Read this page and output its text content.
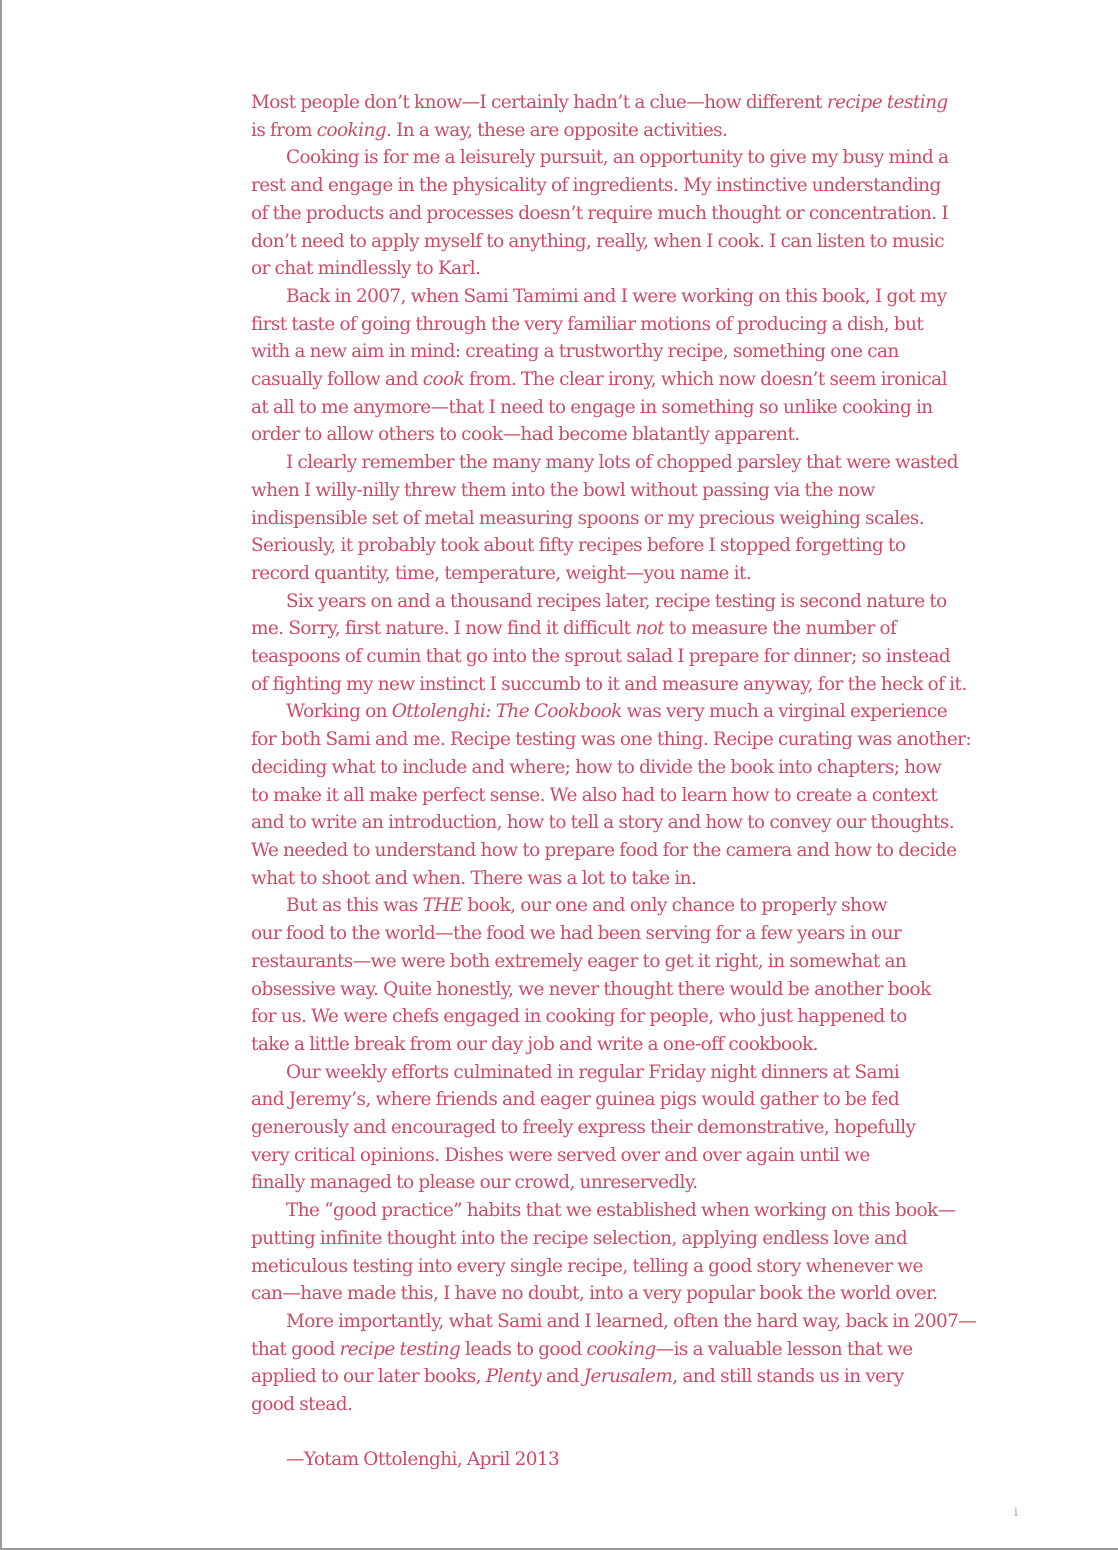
Most people don’t know—I certainly hadn’t a clue—how different recipe testing
is from cooking. In a way, these are opposite activities.

Cooking is for me a leisurely pursuit, an opportunity to give my busy mind a
rest and engage in the physicality of ingredients. My instinctive understanding
of the products and processes doesn’t require much thought or concentration. I
don’t need to apply myself to anything, really, when I cook. I can listen to music
or chat mindlessly to Karl.

Back in 2007, when Sami Tamimi and I were working on this book, I got my
first taste of going through the very familiar motions of producing a dish, but
with a new aim in mind: creating a trustworthy recipe, something one can
casually follow and cook from. The clear irony, which now doesn’t seem ironical
at all to me anymore—that I need to engage in something so unlike cooking in
order to allow others to cook—had become blatantly apparent.

I clearly remember the many many lots of chopped parsley that were wasted
when I willy-nilly threw them into the bowl without passing via the now
indispensible set of metal measuring spoons or my precious weighing scales.
Seriously, it probably took about fifty recipes before I stopped forgetting to
record quantity, time, temperature, weight—you name it.

Six years on and a thousand recipes later, recipe testing is second nature to
me. Sorry, first nature. I now find it difficult not to measure the number of
teaspoons of cumin that go into the sprout salad I prepare for dinner; so instead
of fighting my new instinct I succumb to it and measure anyway, for the heck of it.

Working on Ottolenghi: The Cookbook was very much a virginal experience
for both Sami and me. Recipe testing was one thing. Recipe curating was another:
deciding what to include and where; how to divide the book into chapters; how
to make it all make perfect sense. We also had to learn how to create a context
and to write an introduction, how to tell a story and how to convey our thoughts.
We needed to understand how to prepare food for the camera and how to decide
what to shoot and when. There was a lot to take in.

But as this was THE book, our one and only chance to properly show
our food to the world—the food we had been serving for a few years in our
restaurants—we were both extremely eager to get it right, in somewhat an
obsessive way. Quite honestly, we never thought there would be another book
for us. We were chefs engaged in cooking for people, who just happened to
take a little break from our day job and write a one-off cookbook.

Our weekly efforts culminated in regular Friday night dinners at Sami
and Jeremy’s, where friends and eager guinea pigs would gather to be fed
generously and encouraged to freely express their demonstrative, hopefully
very critical opinions. Dishes were served over and over again until we
finally managed to please our crowd, unreservedly.

The “good practice” habits that we established when working on this book—
putting infinite thought into the recipe selection, applying endless love and
meticulous testing into every single recipe, telling a good story whenever we
can—have made this, I have no doubt, into a very popular book the world over.

More importantly, what Sami and I learned, often the hard way, back in 2007—
that good recipe testing leads to good cooking—is a valuable lesson that we
applied to our later books, Plenty and Jerusalem, and still stands us in very
good stead.

—Yotam Ottolenghi, April 2013

i
